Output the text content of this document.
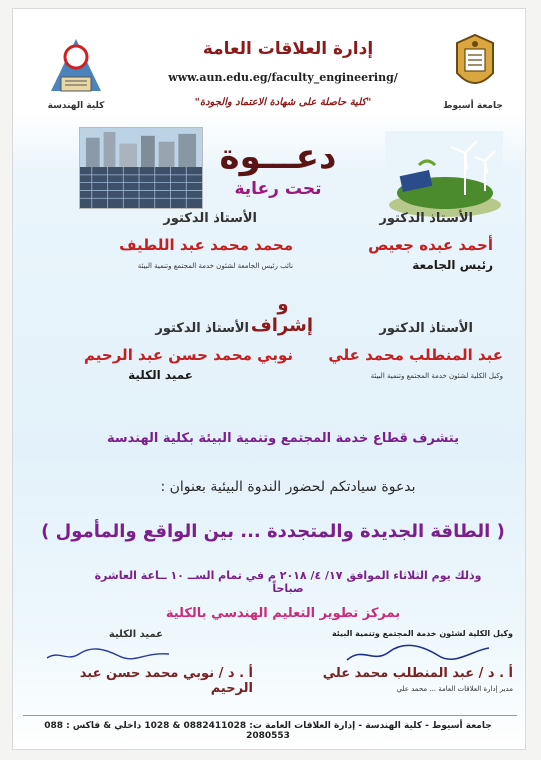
جامعة أسيوط
كلية الهندسة
إدارة العلاقات العامة
www.aun.edu.eg/faculty_engineering/
"كلية حاصلة على شهادة الاعتماد والجودة"
دعـــوة
تحت رعاية
الأستاذ الدكتور
أحمد عبده جعيص
رئيس الجامعة
الأستاذ الدكتور
محمد محمد عبد اللطيف
نائب رئيس الجامعة لشئون خدمة المجتمع وتنمية البيئة
و إشراف	الأستاذ الدكتور
عبد المنطلب محمد علي
وكيل الكلية لشئون خدمة المجتمع وتنمية البيئة
الأستاذ الدكتور
نوبي محمد حسن عبد الرحيم
عميد الكلية
يتشرف قطاع خدمة المجتمع وتنمية البيئة بكلية الهندسة
بدعوة سيادتكم لحضور الندوة البيئية بعنوان :
( الطاقة الجديدة والمتجددة ... بين الواقع والمأمول )
وذلك يوم الثلاثاء الموافق ١٧/ ٤/ ٢٠١٨ م في تمام الســ ١٠ ــاعة العاشرة صباحاً
بمركز تطوير التعليم الهندسي بالكلية
وكيل الكلية لشئون خدمة المجتمع وتنمية البيئة
أ . د / عبد المنطلب محمد علي
مدير إدارة العلاقات العامة ... محمد علي
عميد الكلية
أ . د / نوبي محمد حسن عبد الرحيم
جامعة أسيوط - كلية الهندسة - إدارة العلاقات العامة ت: 0882411028 & 1028 داخلي & فاكس : 088 2080553
